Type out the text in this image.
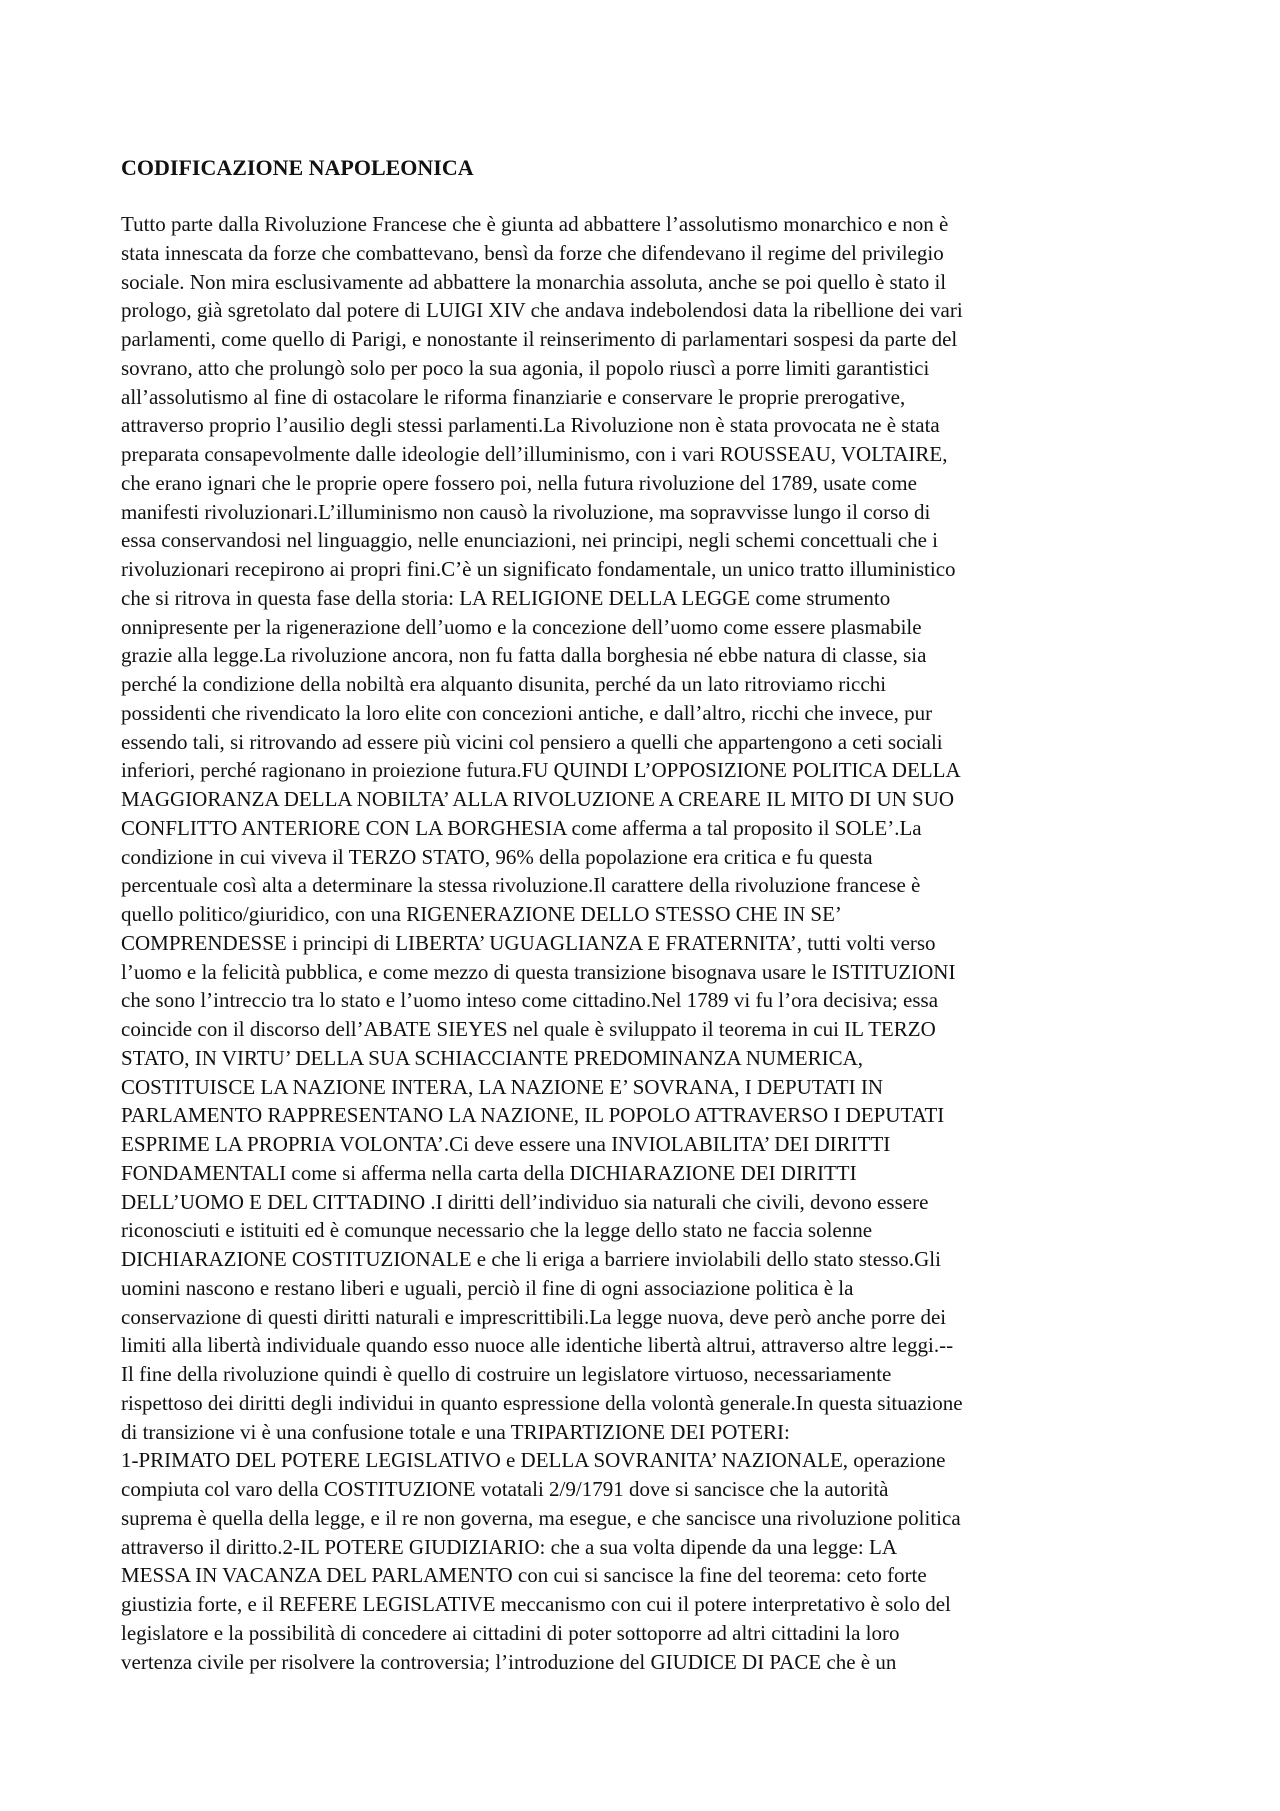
CODIFICAZIONE NAPOLEONICA
Tutto parte dalla Rivoluzione Francese che è giunta ad abbattere l’assolutismo monarchico e non è
stata innescata da forze che combattevano, bensì da forze che difendevano il regime del privilegio
sociale. Non mira esclusivamente ad abbattere la monarchia assoluta, anche se poi quello è stato il
prologo, già sgretolato dal potere di LUIGI XIV che andava indebolendosi data la ribellione dei vari
parlamenti, come quello di Parigi, e nonostante il reinserimento di parlamentari sospesi da parte del
sovrano, atto che prolungò solo per poco la sua agonia, il popolo riuscì a porre limiti garantistici
all’assolutismo al fine di ostacolare le riforma finanziarie e conservare le proprie prerogative,
attraverso proprio l’ausilio degli stessi parlamenti.La Rivoluzione non è stata provocata ne è stata
preparata consapevolmente dalle ideologie dell’illuminismo, con i vari ROUSSEAU, VOLTAIRE,
che erano ignari che le proprie opere fossero poi, nella futura rivoluzione del 1789, usate come
manifesti rivoluzionari.L’illuminismo non causò la rivoluzione, ma sopravvisse lungo il corso di
essa conservandosi nel linguaggio, nelle enunciazioni, nei principi, negli schemi concettuali che i
rivoluzionari recepirono ai propri fini.C’è un significato fondamentale, un unico tratto illuministico
che si ritrova in questa fase della storia: LA RELIGIONE DELLA LEGGE come strumento
onnipresente per la rigenerazione dell’uomo e la concezione dell’uomo come essere plasmabile
grazie alla legge.La rivoluzione ancora, non fu fatta dalla borghesia né ebbe natura di classe, sia
perché la condizione della nobiltà era alquanto disunita, perché da un lato ritroviamo ricchi
possidenti che rivendicato la loro elite con concezioni antiche, e dall’altro, ricchi che invece, pur
essendo tali, si ritrovando ad essere più vicini col pensiero a quelli che appartengono a ceti sociali
inferiori, perché ragionano in proiezione futura.FU QUINDI L’OPPOSIZIONE POLITICA DELLA
MAGGIORANZA DELLA NOBILTA’ ALLA RIVOLUZIONE A CREARE IL MITO DI UN SUO
CONFLITTO ANTERIORE CON LA BORGHESIA come afferma a tal proposito il SOLE’.La
condizione in cui viveva il TERZO STATO, 96% della popolazione era critica e fu questa
percentuale così alta a determinare la stessa rivoluzione.Il carattere della rivoluzione francese è
quello politico/giuridico, con una RIGENERAZIONE DELLO STESSO CHE IN SE’
COMPRENDESSE i principi di LIBERTA’ UGUAGLIANZA E FRATERNITA’, tutti volti verso
l’uomo e la felicità pubblica, e come mezzo di questa transizione bisognava usare le ISTITUZIONI
che sono l’intreccio tra lo stato e l’uomo inteso come cittadino.Nel 1789 vi fu l’ora decisiva; essa
coincide con il discorso dell’ABATE SIEYES nel quale è sviluppato il teorema in cui IL TERZO
STATO, IN VIRTU’ DELLA SUA SCHIACCIANTE PREDOMINANZA NUMERICA,
COSTITUISCE LA NAZIONE INTERA, LA NAZIONE E’ SOVRANA, I DEPUTATI IN
PARLAMENTO RAPPRESENTANO LA NAZIONE, IL POPOLO ATTRAVERSO I DEPUTATI
ESPRIME LA PROPRIA VOLONTA’.Ci deve essere una INVIOLABILITA’ DEI DIRITTI
FONDAMENTALI come si afferma nella carta della DICHIARAZIONE DEI DIRITTI
DELL’UOMO E DEL CITTADINO .I diritti dell’individuo sia naturali che civili, devono essere
riconosciuti e istituiti ed è comunque necessario che la legge dello stato ne faccia solenne
DICHIARAZIONE COSTITUZIONALE e che li eriga a barriere inviolabili dello stato stesso.Gli
uomini nascono e restano liberi e uguali, perciò il fine di ogni associazione politica è la
conservazione di questi diritti naturali e imprescrittibili.La legge nuova, deve però anche porre dei
limiti alla libertà individuale quando esso nuoce alle identiche libertà altrui, attraverso altre leggi.--
Il fine della rivoluzione quindi è quello di costruire un legislatore virtuoso, necessariamente
rispettoso dei diritti degli individui in quanto espressione della volontà generale.In questa situazione
di transizione vi è una confusione totale e una TRIPARTIZIONE DEI POTERI:
1-PRIMATO DEL POTERE LEGISLATIVO e DELLA SOVRANITA’ NAZIONALE, operazione
compiuta col varo della COSTITUZIONE votatali 2/9/1791 dove si sancisce che la autorità
suprema è quella della legge, e il re non governa, ma esegue, e che sancisce una rivoluzione politica
attraverso il diritto.2-IL POTERE GIUDIZIARIO: che a sua volta dipende da una legge: LA
MESSA IN VACANZA DEL PARLAMENTO con cui si sancisce la fine del teorema: ceto forte
giustizia forte, e il REFERE LEGISLATIVE meccanismo con cui il potere interpretativo è solo del
legislatore e la possibilità di concedere ai cittadini di poter sottoporre ad altri cittadini la loro
vertenza civile per risolvere la controversia; l’introduzione del GIUDICE DI PACE che è un
